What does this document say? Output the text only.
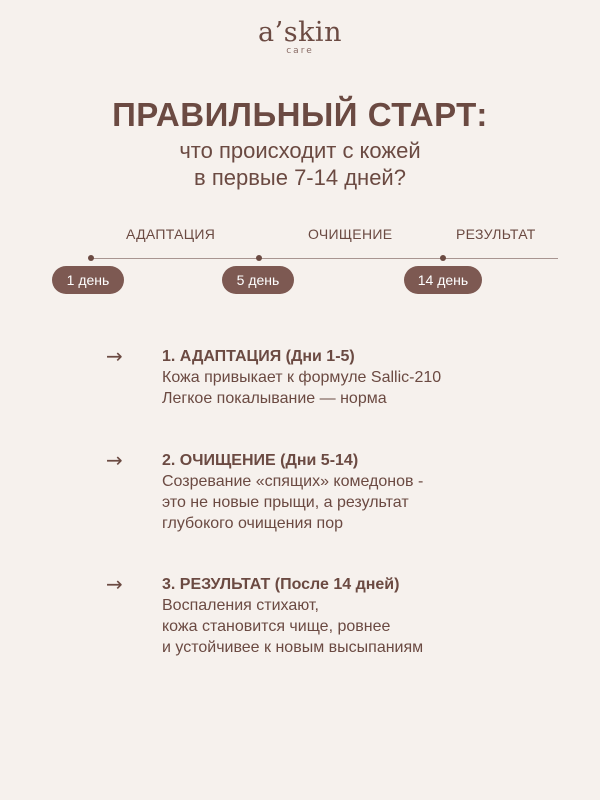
a’skin
care
ПРАВИЛЬНЫЙ СТАРТ:
что происходит с кожей
в первые 7-14 дней?
АДАПТАЦИЯ	ОЧИЩЕНИЕ	РЕЗУЛЬТАТ
1 день	5 день	14 день
→ 1. АДАПТАЦИЯ (Дни 1-5)
Кожа привыкает к формуле Sallic-210
Легкое покалывание — норма
→ 2. ОЧИЩЕНИЕ (Дни 5-14)
Созревание «спящих» комедонов -
это не новые прыщи, а результат
глубокого очищения пор
→ 3. РЕЗУЛЬТАТ (После 14 дней)
Воспаления стихают,
кожа становится чище, ровнее
и устойчивее к новым высыпаниям
